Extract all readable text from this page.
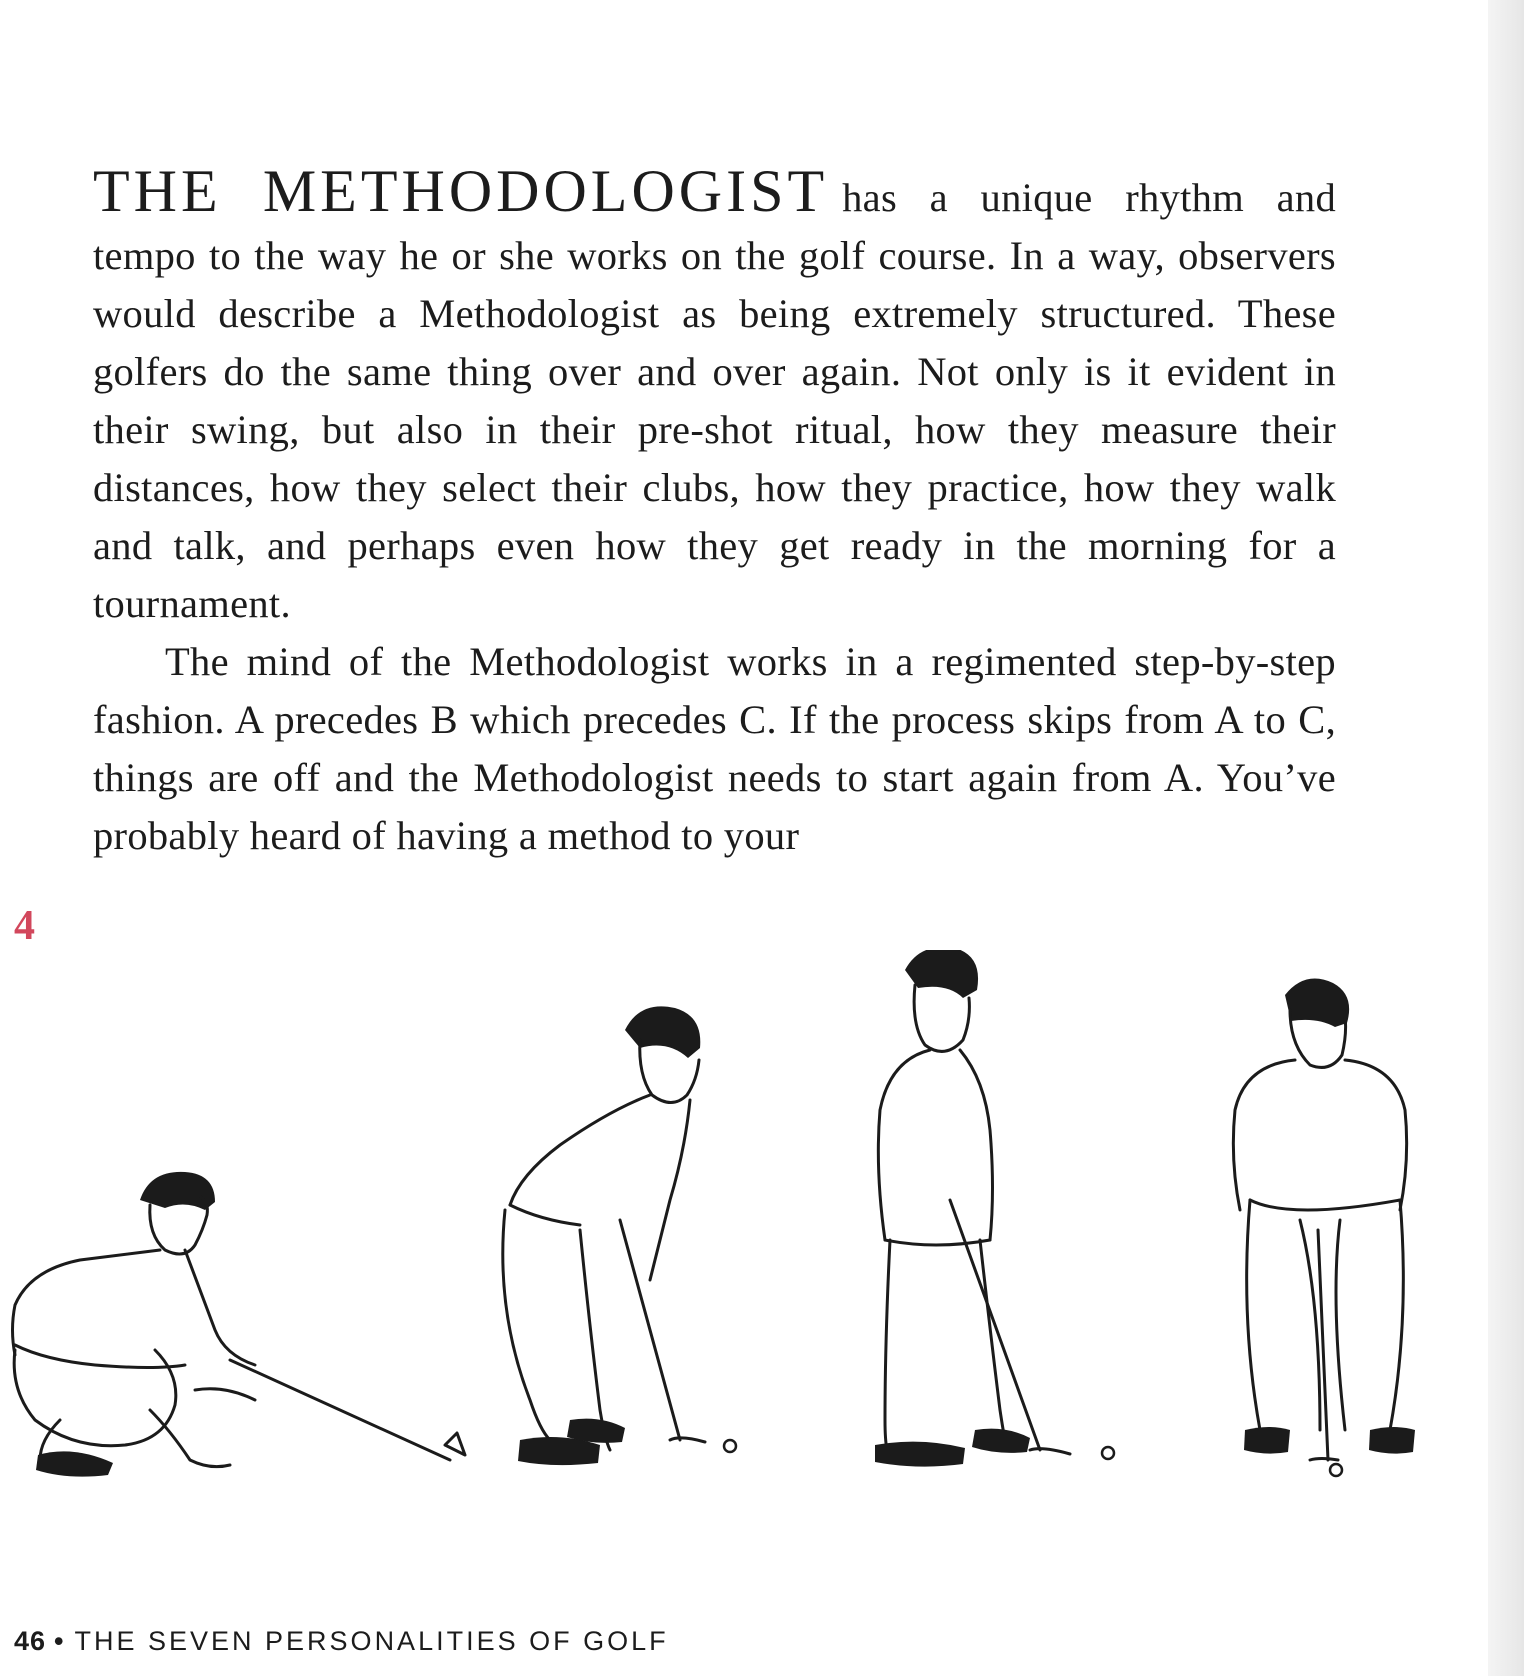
THE METHODOLOGIST has a unique rhythm and tempo to the way he or she works on the golf course. In a way, observers would describe a Methodologist as being extremely structured. These golfers do the same thing over and over again. Not only is it evident in their swing, but also in their pre-shot ritual, how they measure their distances, how they select their clubs, how they practice, how they walk and talk, and perhaps even how they get ready in the morning for a tournament.

The mind of the Methodologist works in a regimented step-by-step fashion. A precedes B which precedes C. If the process skips from A to C, things are off and the Methodologist needs to start again from A. You’ve probably heard of having a method to your

4
46 • THE SEVEN PERSONALITIES OF GOLF
